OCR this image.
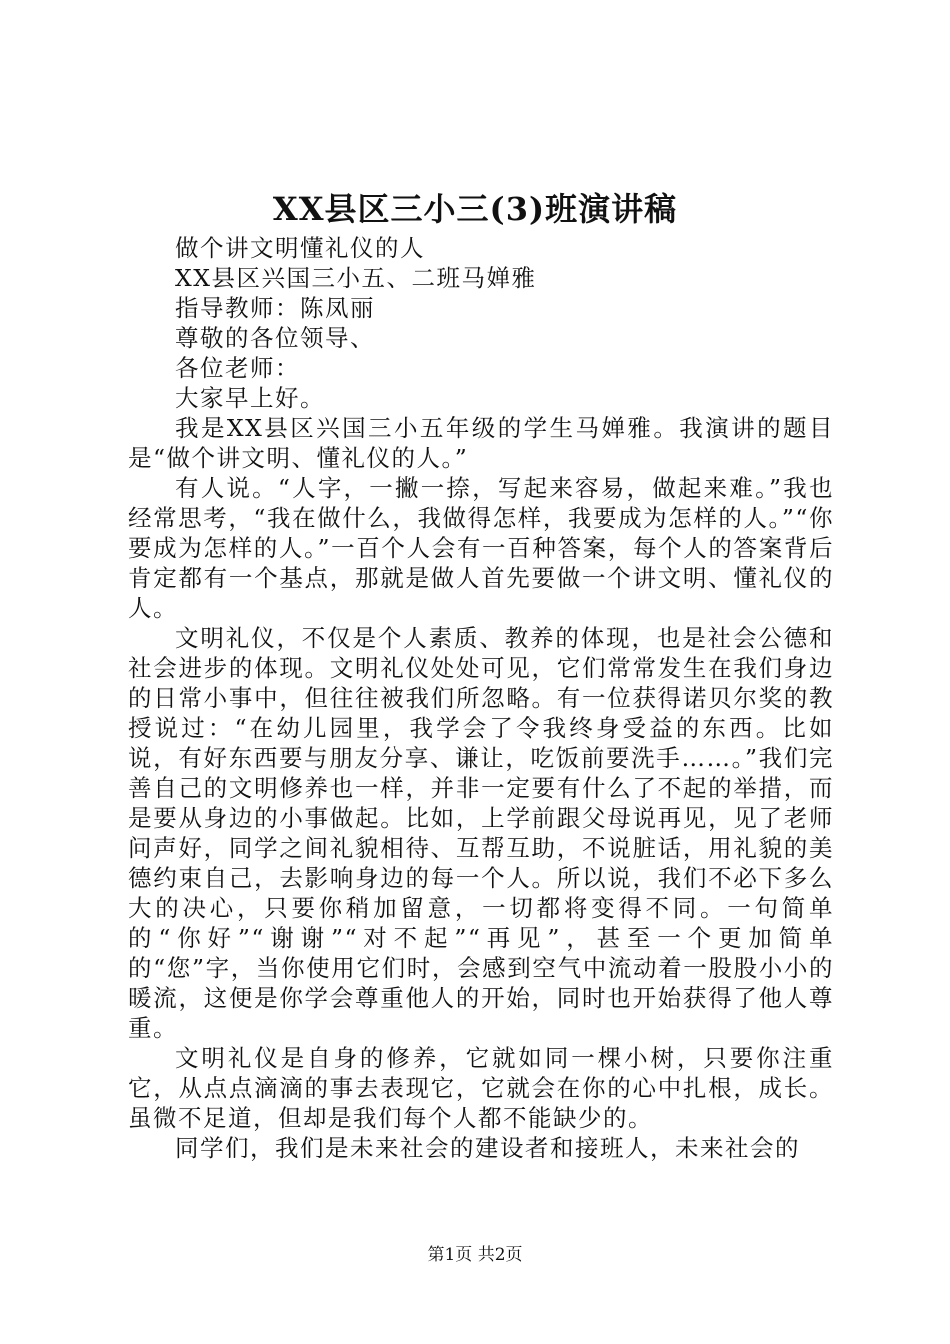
XX县区三小三(3)班演讲稿

做个讲文明懂礼仪的人

XX县区兴国三小五、二班马婵雅

指导教师：陈凤丽

尊敬的各位领导、

各位老师：

大家早上好。

我是XX县区兴国三小五年级的学生马婵雅。我演讲的题目是“做个讲文明、懂礼仪的人。”

有人说。“人字，一撇一捺，写起来容易，做起来难。”我也经常思考，“我在做什么，我做得怎样，我要成为怎样的人。”“你要成为怎样的人。”一百个人会有一百种答案，每个人的答案背后肯定都有一个基点，那就是做人首先要做一个讲文明、懂礼仪的人。

文明礼仪，不仅是个人素质、教养的体现，也是社会公德和社会进步的体现。文明礼仪处处可见，它们常常发生在我们身边的日常小事中，但往往被我们所忽略。有一位获得诺贝尔奖的教授说过：“在幼儿园里，我学会了令我终身受益的东西。比如说，有好东西要与朋友分享、谦让，吃饭前要洗手……。”我们完善自己的文明修养也一样，并非一定要有什么了不起的举措，而是要从身边的小事做起。比如，上学前跟父母说再见，见了老师问声好，同学之间礼貌相待、互帮互助，不说脏话，用礼貌的美德约束自己，去影响身边的每一个人。所以说，我们不必下多么大的决心，只要你稍加留意，一切都将变得不同。一句简单的“你好”“谢谢”“对不起”“再见”，甚至一个更加简单的“您”字，当你使用它们时，会感到空气中流动着一股股小小的暖流，这便是你学会尊重他人的开始，同时也开始获得了他人尊重。

文明礼仪是自身的修养，它就如同一棵小树，只要你注重它，从点点滴滴的事去表现它，它就会在你的心中扎根，成长。虽微不足道，但却是我们每个人都不能缺少的。

同学们，我们是未来社会的建设者和接班人，未来社会的

第1页 共2页
